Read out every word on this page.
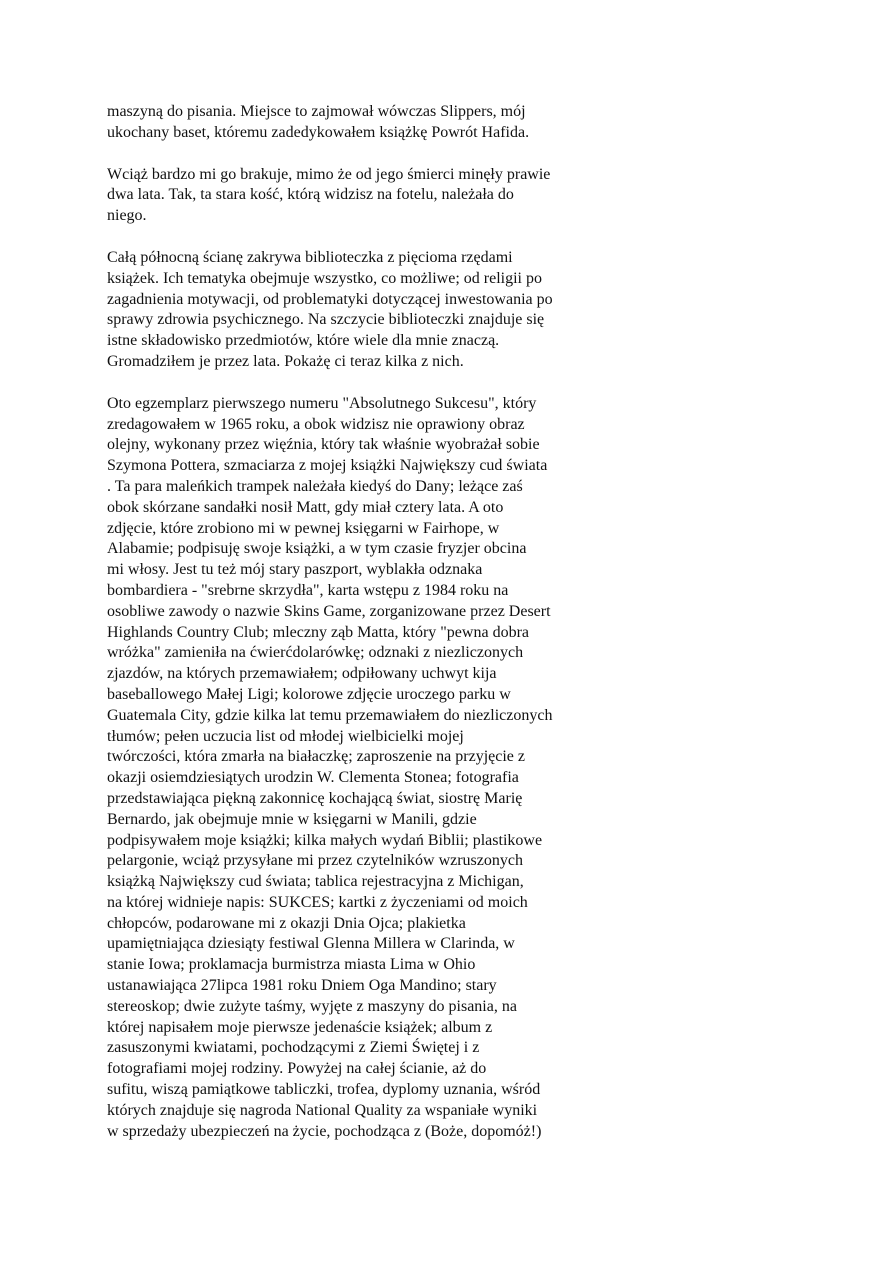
maszyną do pisania. Miejsce to zajmował wówczas Slippers, mój
ukochany baset, któremu zadedykowałem książkę Powrót Hafida.

Wciąż bardzo mi go brakuje, mimo że od jego śmierci minęły prawie
dwa lata. Tak, ta stara kość, którą widzisz na fotelu, należała do
niego.

Całą północną ścianę zakrywa biblioteczka z pięcioma rzędami
książek. Ich tematyka obejmuje wszystko, co możliwe; od religii po
zagadnienia motywacji, od problematyki dotyczącej inwestowania po
sprawy zdrowia psychicznego. Na szczycie biblioteczki znajduje się
istne składowisko przedmiotów, które wiele dla mnie znaczą.
Gromadziłem je przez lata. Pokażę ci teraz kilka z nich.

Oto egzemplarz pierwszego numeru "Absolutnego Sukcesu", który
zredagowałem w 1965 roku, a obok widzisz nie oprawiony obraz
olejny, wykonany przez więźnia, który tak właśnie wyobrażał sobie
Szymona Pottera, szmaciarza z mojej książki Największy cud świata
. Ta para maleńkich trampek należała kiedyś do Dany; leżące zaś
obok skórzane sandałki nosił Matt, gdy miał cztery lata. A oto
zdjęcie, które zrobiono mi w pewnej księgarni w Fairhope, w
Alabamie; podpisuję swoje książki, a w tym czasie fryzjer obcina
mi włosy. Jest tu też mój stary paszport, wyblakła odznaka
bombardiera - "srebrne skrzydła", karta wstępu z 1984 roku na
osobliwe zawody o nazwie Skins Game, zorganizowane przez Desert
Highlands Country Club; mleczny ząb Matta, który "pewna dobra
wróżka" zamieniła na ćwierćdolarówkę; odznaki z niezliczonych
zjazdów, na których przemawiałem; odpiłowany uchwyt kija
baseballowego Małej Ligi; kolorowe zdjęcie uroczego parku w
Guatemala City, gdzie kilka lat temu przemawiałem do niezliczonych
tłumów; pełen uczucia list od młodej wielbicielki mojej
twórczości, która zmarła na białaczkę; zaproszenie na przyjęcie z
okazji osiemdziesiątych urodzin W. Clementa Stonea; fotografia
przedstawiająca piękną zakonnicę kochającą świat, siostrę Marię
Bernardo, jak obejmuje mnie w księgarni w Manili, gdzie
podpisywałem moje książki; kilka małych wydań Biblii; plastikowe
pelargonie, wciąż przysyłane mi przez czytelników wzruszonych
książką Największy cud świata; tablica rejestracyjna z Michigan,
na której widnieje napis: SUKCES; kartki z życzeniami od moich
chłopców, podarowane mi z okazji Dnia Ojca; plakietka
upamiętniająca dziesiąty festiwal Glenna Millera w Clarinda, w
stanie Iowa; proklamacja burmistrza miasta Lima w Ohio
ustanawiająca 27lipca 1981 roku Dniem Oga Mandino; stary
stereoskop; dwie zużyte taśmy, wyjęte z maszyny do pisania, na
której napisałem moje pierwsze jedenaście książek; album z
zasuszonymi kwiatami, pochodzącymi z Ziemi Świętej i z
fotografiami mojej rodziny. Powyżej na całej ścianie, aż do
sufitu, wiszą pamiątkowe tabliczki, trofea, dyplomy uznania, wśród
których znajduje się nagroda National Quality za wspaniałe wyniki
w sprzedaży ubezpieczeń na życie, pochodząca z (Boże, dopomóż!)
